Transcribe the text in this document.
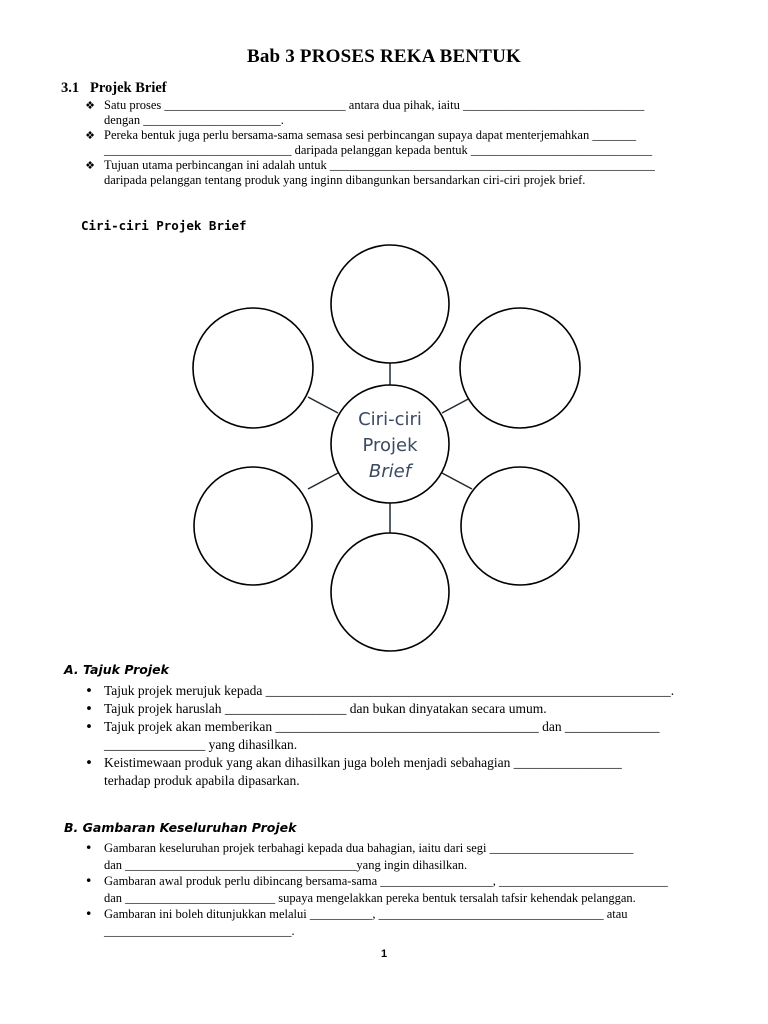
Bab 3 PROSES REKA BENTUK
3.1 Projek Brief
❖ Satu proses _____________________________ antara dua pihak, iaitu _____________________________

dengan ______________________.

❖ Pereka bentuk juga perlu bersama-sama semasa sesi perbincangan supaya dapat menterjemahkan _______

______________________________ daripada pelanggan kepada bentuk _____________________________

❖ Tujuan utama perbincangan ini adalah untuk ____________________________________________________

daripada pelanggan tentang produk yang inginn dibangunkan bersandarkan ciri-ciri projek brief.

Ciri-ciri Projek Brief
Ciri-ciri
Projek
Brief
A. Tajuk Projek
• Tajuk projek merujuk kepada ____________________________________________________________.

• Tajuk projek haruslah __________________ dan bukan dinyatakan secara umum.

• Tajuk projek akan memberikan _______________________________________ dan ______________

_______________ yang dihasilkan.

• Keistimewaan produk yang akan dihasilkan juga boleh menjadi sebahagian ________________

terhadap produk apabila dipasarkan.

B. Gambaran Keseluruhan Projek
• Gambaran keseluruhan projek terbahagi kepada dua bahagian, iaitu dari segi _______________________

dan _____________________________________yang ingin dihasilkan.

• Gambaran awal produk perlu dibincang bersama-sama __________________, ___________________________

dan ________________________ supaya mengelakkan pereka bentuk tersalah tafsir kehendak pelanggan.

• Gambaran ini boleh ditunjukkan melalui __________, ____________________________________ atau

______________________________.

1
